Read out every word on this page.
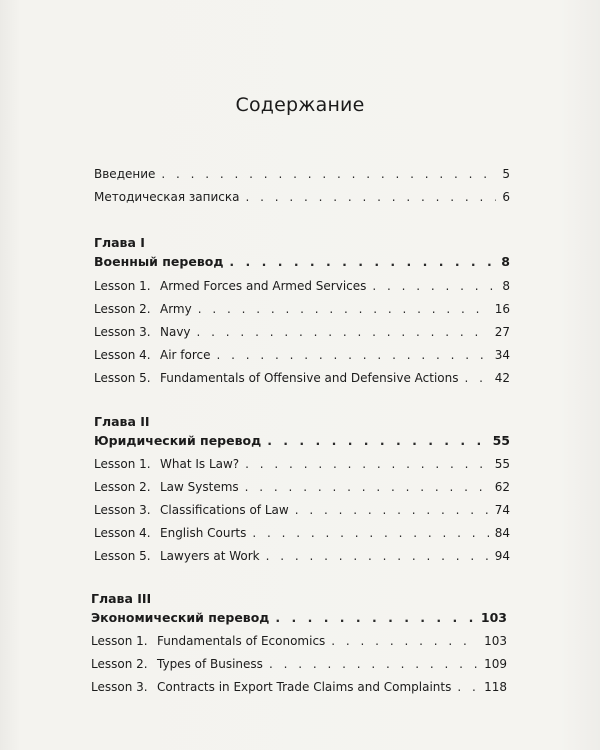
Содержание
Введение . . .	5
Методическая записка . . .	6
Глава I
Военный перевод . . .	8
Lesson 1. Armed Forces and Armed Services . . .	8
Lesson 2. Army . . .	16
Lesson 3. Navy . . .	27
Lesson 4. Air force . . .	34
Lesson 5. Fundamentals of Offensive and Defensive Actions . . .	42
Глава II
Юридический перевод . . .	55
Lesson 1. What Is Law? . . .	55
Lesson 2. Law Systems . . .	62
Lesson 3. Classifications of Law . . .	74
Lesson 4. English Courts . . .	84
Lesson 5. Lawyers at Work . . .	94
Глава III
Экономический перевод . . .	103
Lesson 1. Fundamentals of Economics . . .	103
Lesson 2. Types of Business . . .	109
Lesson 3. Contracts in Export Trade Claims and Complaints . . .	118
